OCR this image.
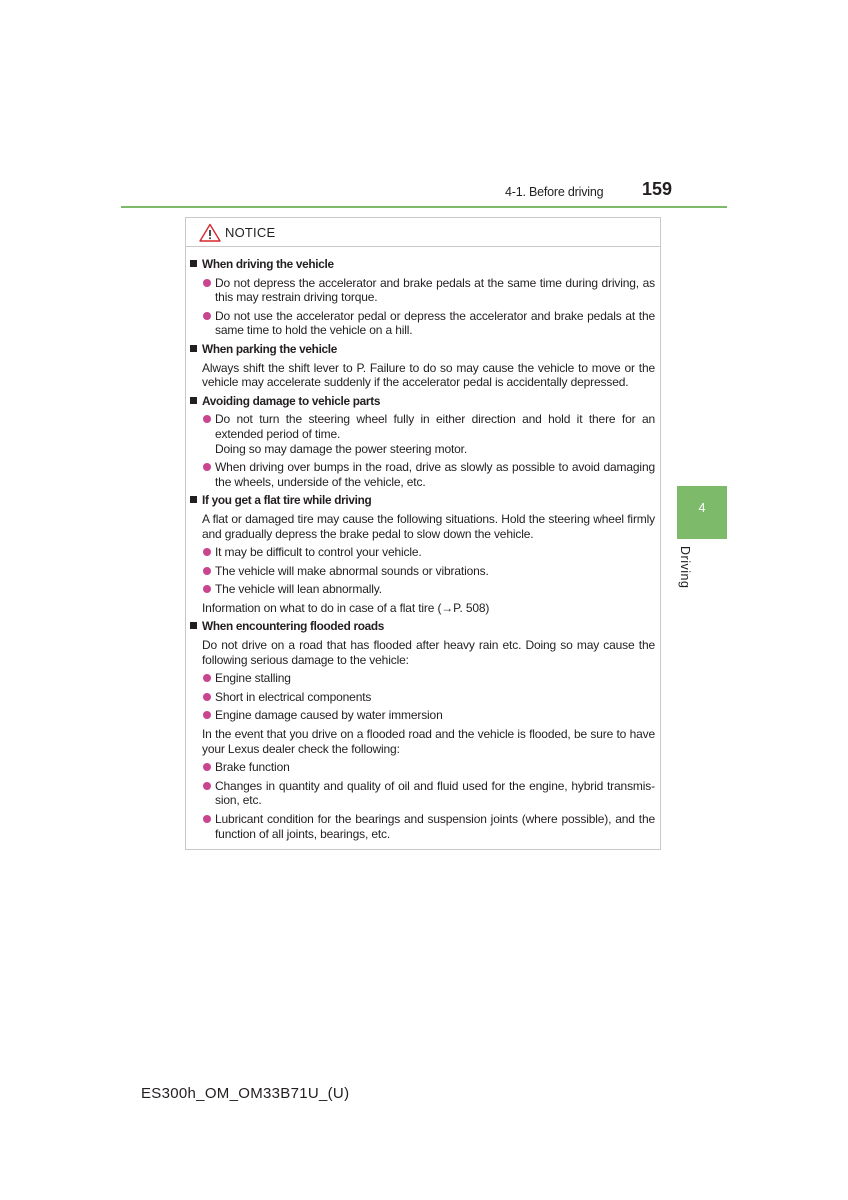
4-1. Before driving 159
4
Driving
NOTICE
When driving the vehicle
Do not depress the accelerator and brake pedals at the same time during driving, as this may restrain driving torque.
Do not use the accelerator pedal or depress the accelerator and brake pedals at the same time to hold the vehicle on a hill.
When parking the vehicle
Always shift the shift lever to P. Failure to do so may cause the vehicle to move or the vehicle may accelerate suddenly if the accelerator pedal is accidentally depressed.
Avoiding damage to vehicle parts
Do not turn the steering wheel fully in either direction and hold it there for an extended period of time.
Doing so may damage the power steering motor.
When driving over bumps in the road, drive as slowly as possible to avoid damaging the wheels, underside of the vehicle, etc.
If you get a flat tire while driving
A flat or damaged tire may cause the following situations. Hold the steering wheel firmly and gradually depress the brake pedal to slow down the vehicle.
It may be difficult to control your vehicle.
The vehicle will make abnormal sounds or vibrations.
The vehicle will lean abnormally.
Information on what to do in case of a flat tire (→P. 508)
When encountering flooded roads
Do not drive on a road that has flooded after heavy rain etc. Doing so may cause the following serious damage to the vehicle:
Engine stalling
Short in electrical components
Engine damage caused by water immersion
In the event that you drive on a flooded road and the vehicle is flooded, be sure to have your Lexus dealer check the following:
Brake function
Changes in quantity and quality of oil and fluid used for the engine, hybrid transmis-sion, etc.
Lubricant condition for the bearings and suspension joints (where possible), and the function of all joints, bearings, etc.
ES300h_OM_OM33B71U_(U)
